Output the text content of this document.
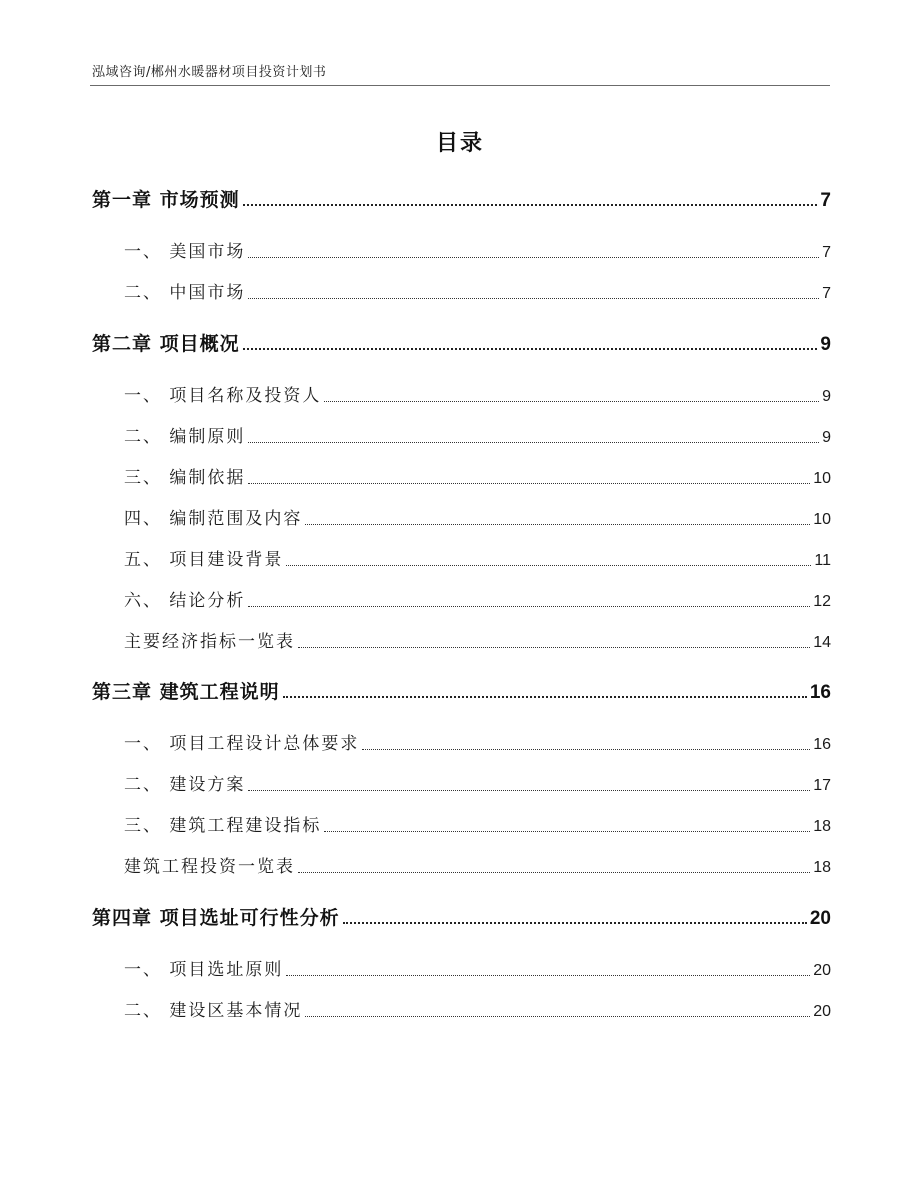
泓域咨询/郴州水暖器材项目投资计划书
目录
第一章 市场预测	7
一、 美国市场	7
二、 中国市场	7
第二章 项目概况	9
一、 项目名称及投资人	9
二、 编制原则	9
三、 编制依据	10
四、 编制范围及内容	10
五、 项目建设背景	11
六、 结论分析	12
主要经济指标一览表	14
第三章 建筑工程说明	16
一、 项目工程设计总体要求	16
二、 建设方案	17
三、 建筑工程建设指标	18
建筑工程投资一览表	18
第四章 项目选址可行性分析	20
一、 项目选址原则	20
二、 建设区基本情况	20
